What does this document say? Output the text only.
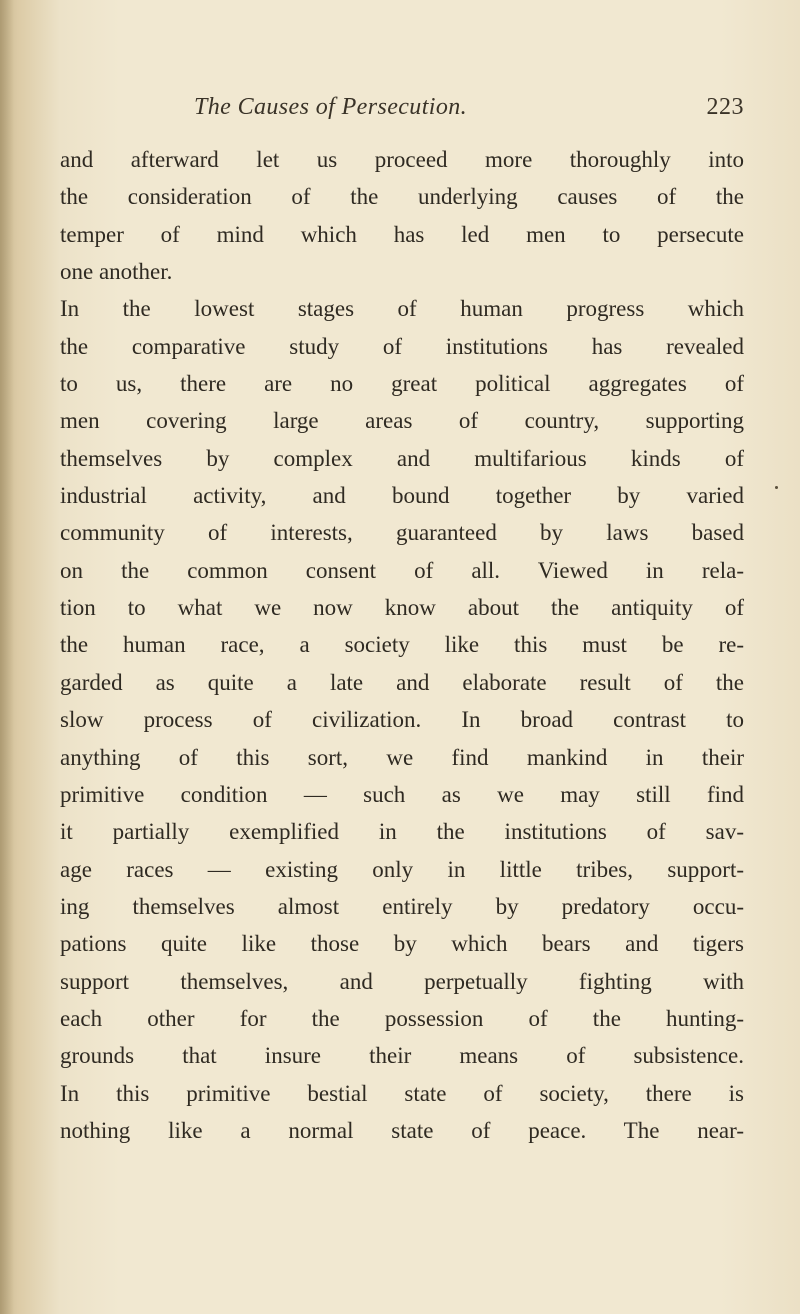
The Causes of Persecution.	223
and afterward let us proceed more thoroughly into
the consideration of the underlying causes of the
temper of mind which has led men to persecute
one another.
In the lowest stages of human progress which
the comparative study of institutions has revealed
to us, there are no great political aggregates of
men covering large areas of country, supporting
themselves by complex and multifarious kinds of
industrial activity, and bound together by varied
community of interests, guaranteed by laws based
on the common consent of all. Viewed in rela-
tion to what we now know about the antiquity of
the human race, a society like this must be re-
garded as quite a late and elaborate result of the
slow process of civilization. In broad contrast to
anything of this sort, we find mankind in their
primitive condition — such as we may still find
it partially exemplified in the institutions of sav-
age races — existing only in little tribes, support-
ing themselves almost entirely by predatory occu-
pations quite like those by which bears and tigers
support themselves, and perpetually fighting with
each other for the possession of the hunting-
grounds that insure their means of subsistence.
In this primitive bestial state of society, there is
nothing like a normal state of peace. The near-
